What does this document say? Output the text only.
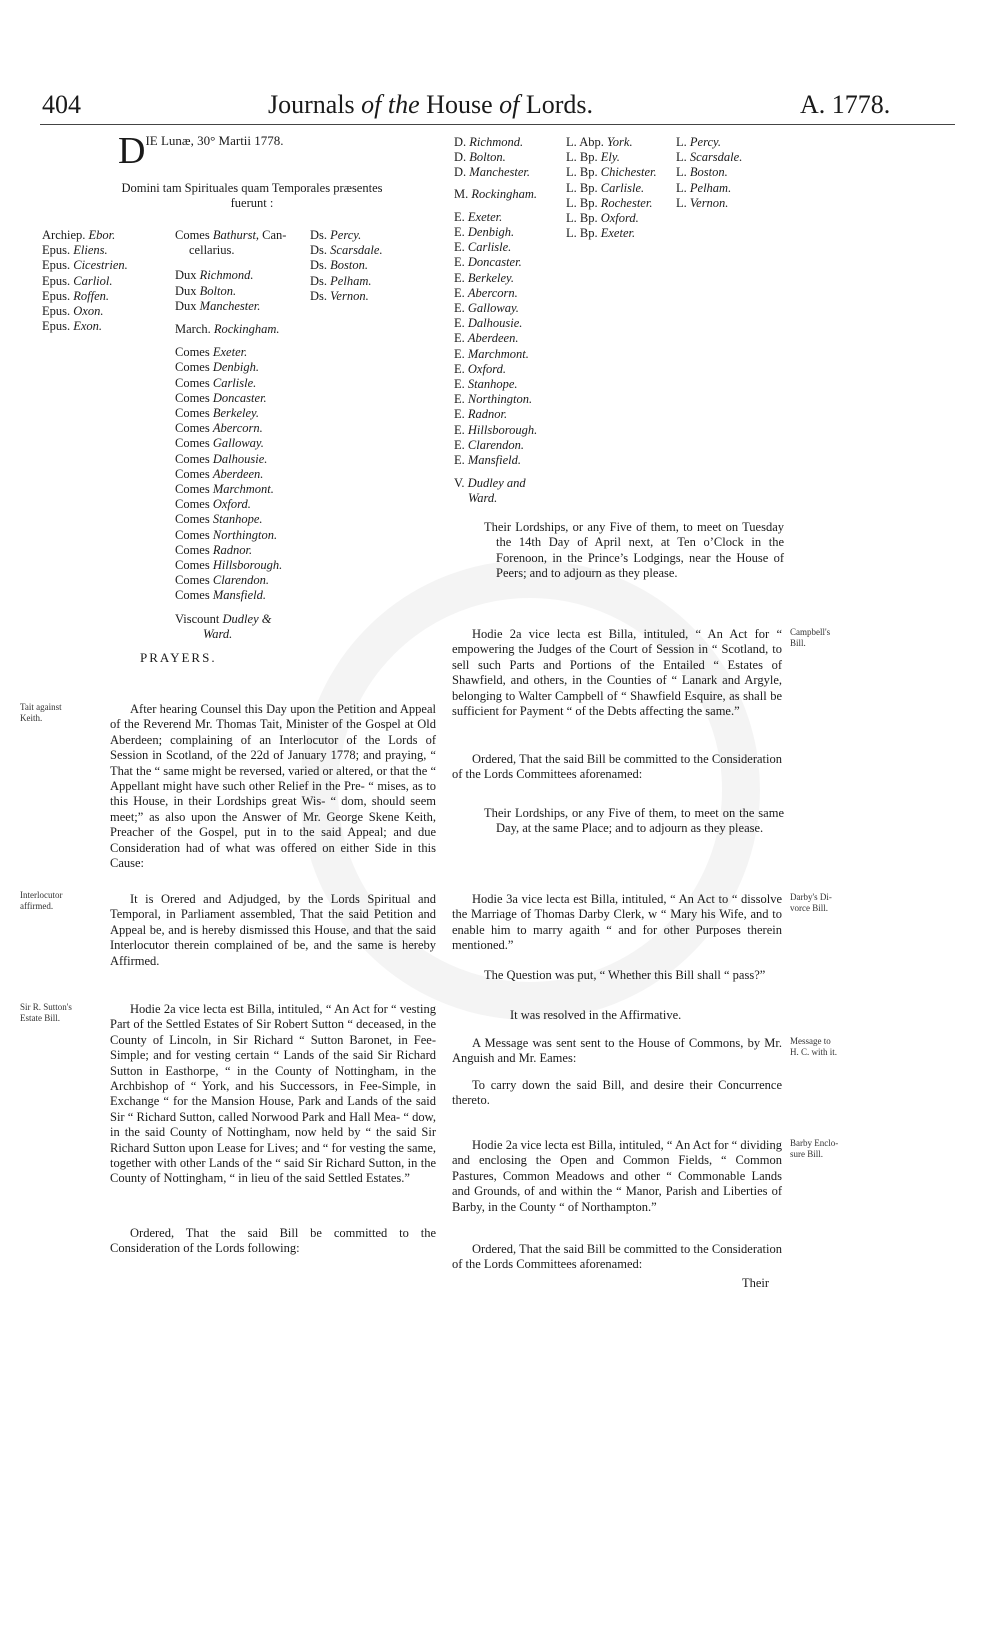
404	Journals of the House of Lords.	A. 1778.
$D^{IE Lunæ, 30^\circ Martii 1778.}$
Domini tam Spirituales quam Temporales præsentes
fuerunt :
Archiep. Ebor.
Epus. Eliens.
Epus. Cicestrien.
Epus. Carliol.
Epus. Roffen.
Epus. Oxon.
Epus. Exon.
Comes Bathurst, Can-
cellarius.
Dux Richmond.
Dux Bolton.
Dux Manchester.
March. Rockingham.
Comes Exeter.
Comes Denbigh.
Comes Carlisle.
Comes Doncaster.
Comes Berkeley.
Comes Abercorn.
Comes Galloway.
Comes Dalhousie.
Comes Aberdeen.
Comes Marchmont.
Comes Oxford.
Comes Stanhope.
Comes Northington.
Comes Radnor.
Comes Hillsborough.
Comes Clarendon.
Comes Mansfield.
Viscount Dudley &
Ward.
Ds. Percy.
Ds. Scarsdale.
Ds. Boston.
Ds. Pelham.
Ds. Vernon.
PRAYERS.
Tait against
Keith.
Interlocutor
affirmed.
Sir R. Sutton's
Estate Bill.
After hearing Counsel this Day upon the Petition and Appeal of the Reverend Mr. Thomas Tait, Minister of the Gospel at Old Aberdeen; complaining of an Interlocutor of the Lords of Session in Scotland, of the 22d of January 1778; and praying, “ That the “ same might be reversed, varied or altered, or that the “ Appellant might have such other Relief in the Pre- “ mises, as to this House, in their Lordships great Wis- “ dom, should seem meet;” as also upon the Answer of Mr. George Skene Keith, Preacher of the Gospel, put in to the said Appeal; and due Consideration had of what was offered on either Side in this Cause:
It is Orered and Adjudged, by the Lords Spiritual and Temporal, in Parliament assembled, That the said Petition and Appeal be, and is hereby dismissed this House, and that the said Interlocutor therein complained of be, and the same is hereby Affirmed.
Hodie 2a vice lecta est Billa, intituled, “ An Act for “ vesting Part of the Settled Estates of Sir Robert Sutton “ deceased, in the County of Lincoln, in Sir Richard “ Sutton Baronet, in Fee-Simple; and for vesting certain “ Lands of the said Sir Richard Sutton in Easthorpe, “ in the County of Nottingham, in the Archbishop of “ York, and his Successors, in Fee-Simple, in Exchange “ for the Mansion House, Park and Lands of the said Sir “ Richard Sutton, called Norwood Park and Hall Mea- “ dow, in the said County of Nottingham, now held by “ the said Sir Richard Sutton upon Lease for Lives; and “ for vesting the same, together with other Lands of the “ said Sir Richard Sutton, in the County of Nottingham, “ in lieu of the said Settled Estates.”
Ordered, That the said Bill be committed to the Consideration of the Lords following:
D. Richmond.
D. Bolton.
D. Manchester.
M. Rockingham.
E. Exeter.
E. Denbigh.
E. Carlisle.
E. Doncaster.
E. Berkeley.
E. Abercorn.
E. Galloway.
E. Dalhousie.
E. Aberdeen.
E. Marchmont.
E. Oxford.
E. Stanhope.
E. Northington.
E. Radnor.
E. Hillsborough.
E. Clarendon.
E. Mansfield.
V. Dudley and
Ward.
L. Abp. York.
L. Bp. Ely.
L. Bp. Chichester.
L. Bp. Carlisle.
L. Bp. Rochester.
L. Bp. Oxford.
L. Bp. Exeter.
L. Percy.
L. Scarsdale.
L. Boston.
L. Pelham.
L. Vernon.
Their Lordships, or any Five of them, to meet on Tuesday the 14th Day of April next, at Ten o’Clock in the Forenoon, in the Prince’s Lodgings, near the House of Peers; and to adjourn as they please.
Campbell's
Bill.
Hodie 2a vice lecta est Billa, intituled, “ An Act for “ empowering the Judges of the Court of Session in “ Scotland, to sell such Parts and Portions of the Entailed “ Estates of Shawfield, and others, in the Counties of “ Lanark and Argyle, belonging to Walter Campbell of “ Shawfield Esquire, as shall be sufficient for Payment “ of the Debts affecting the same.”
Ordered, That the said Bill be committed to the Consideration of the Lords Committees aforenamed:
Their Lordships, or any Five of them, to meet on the same Day, at the same Place; and to adjourn as they please.
Darby's Di-
vorce Bill.
Hodie 3a vice lecta est Billa, intituled, “ An Act to “ dissolve the Marriage of Thomas Darby Clerk, w “ Mary his Wife, and to enable him to marry agaith “ and for other Purposes therein mentioned.”
The Question was put, “ Whether this Bill shall “ pass?”
It was resolved in the Affirmative.
Message to
H. C. with it.
A Message was sent sent to the House of Commons, by Mr. Anguish and Mr. Eames:
To carry down the said Bill, and desire their Concurrence thereto.
Barby Enclo-
sure Bill.
Hodie 2a vice lecta est Billa, intituled, “ An Act for “ dividing and enclosing the Open and Common Fields, “ Common Pastures, Common Meadows and other “ Commonable Lands and Grounds, of and within the “ Manor, Parish and Liberties of Barby, in the County “ of Northampton.”
Ordered, That the said Bill be committed to the Consideration of the Lords Committees aforenamed:
Their
